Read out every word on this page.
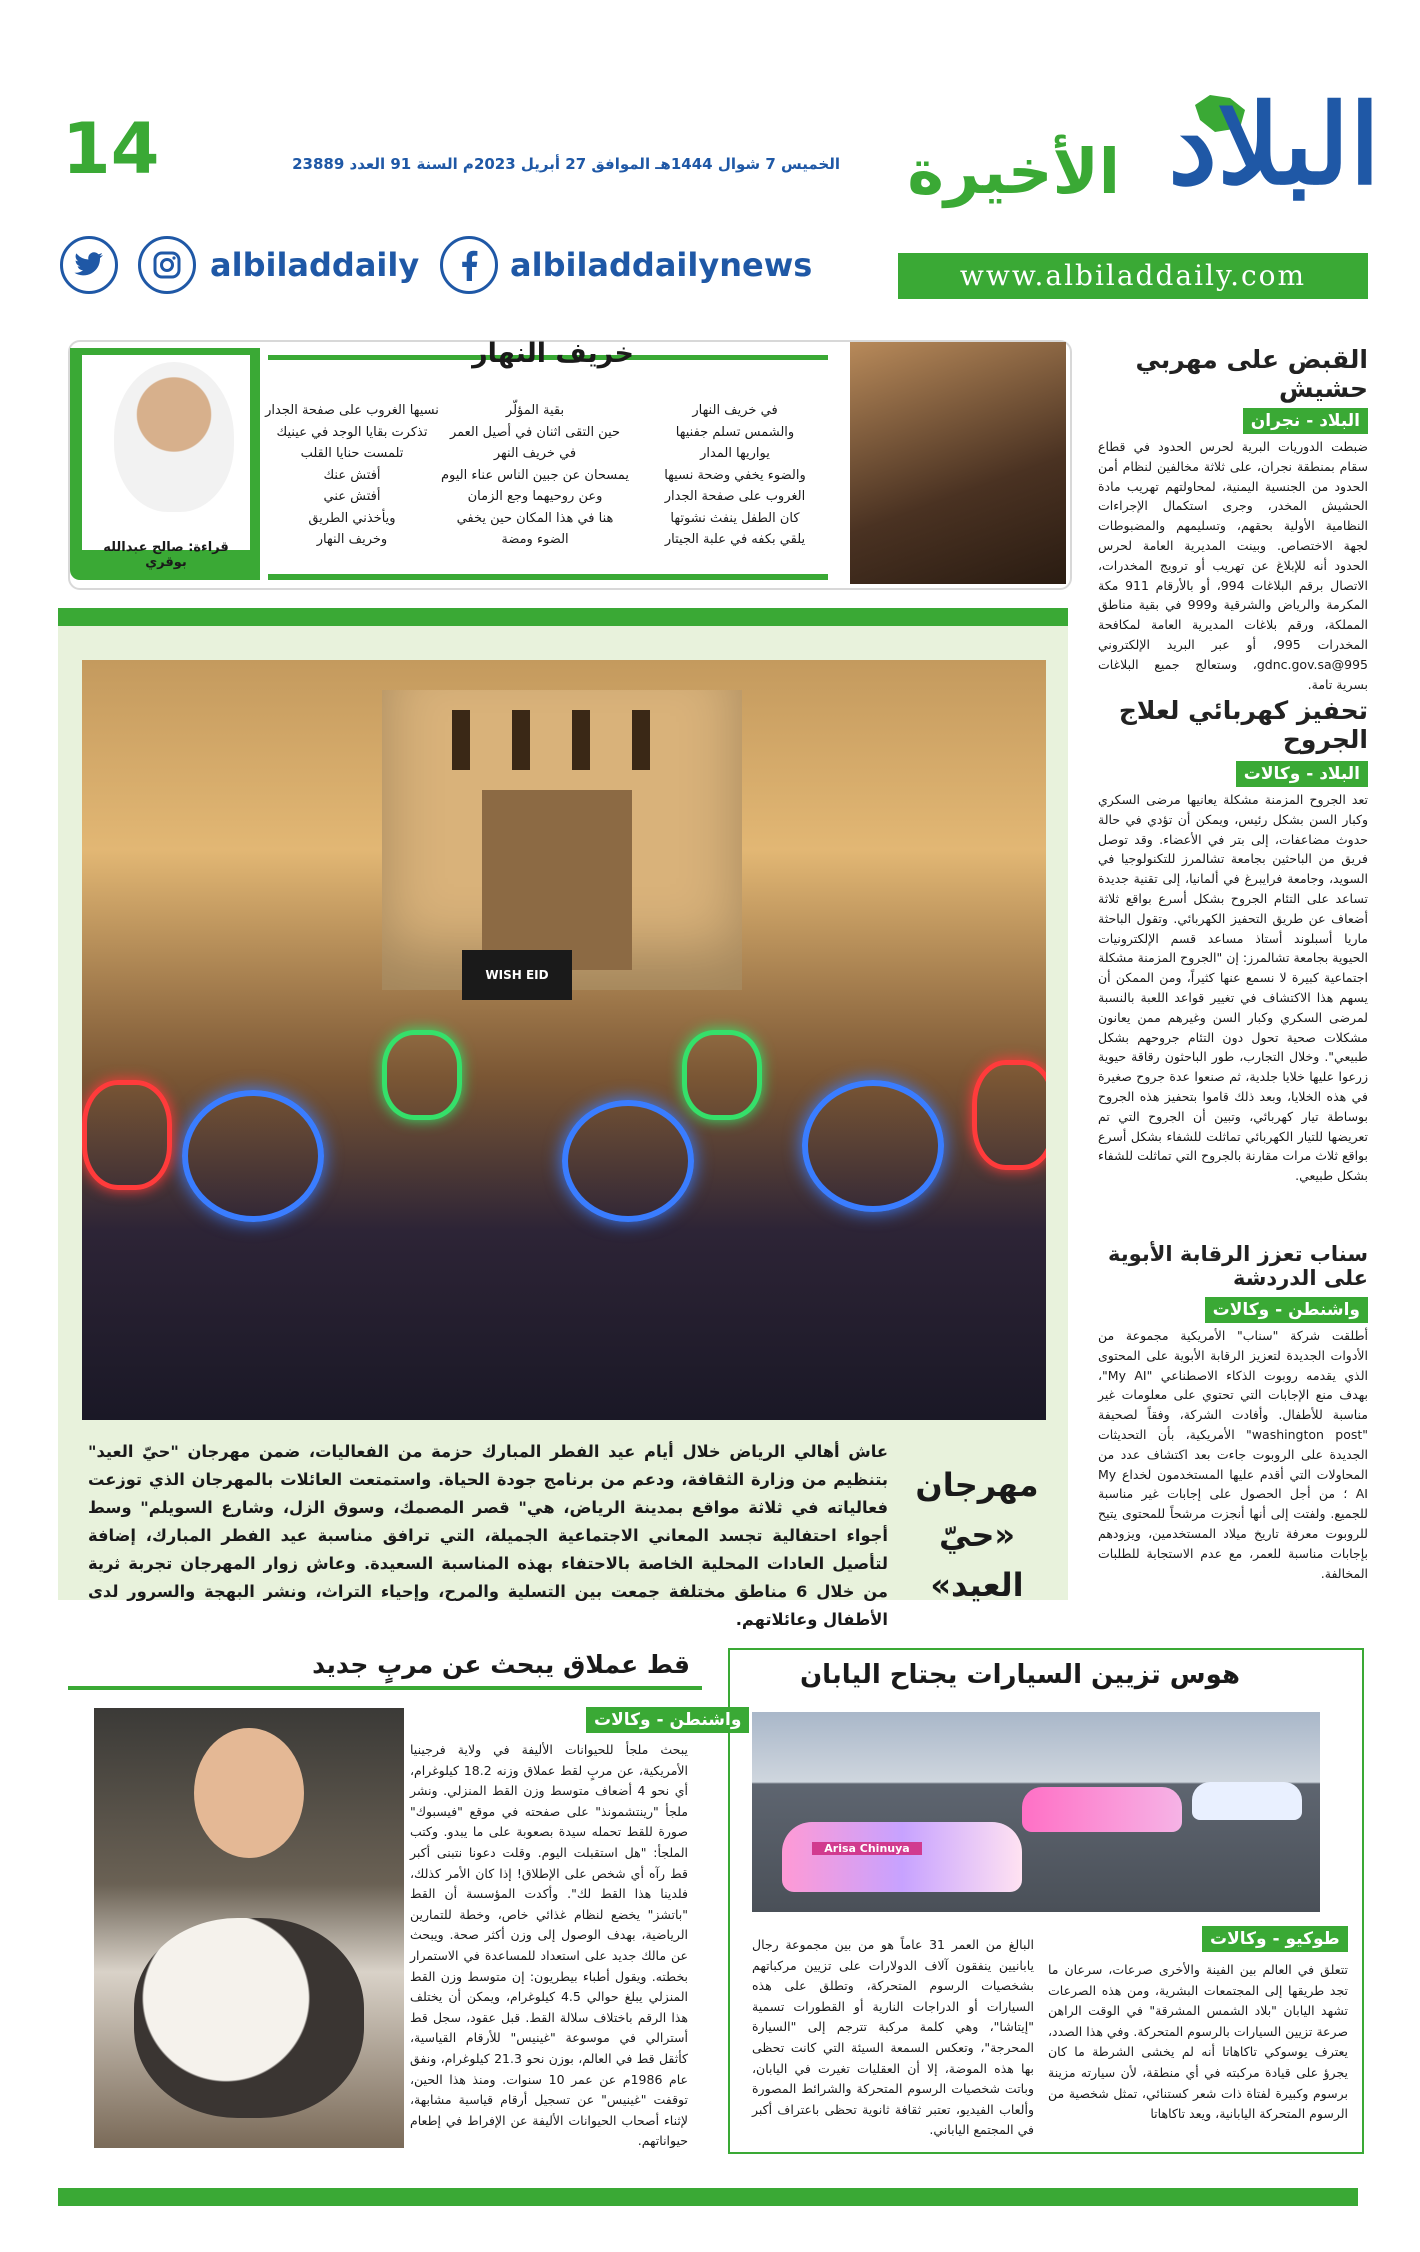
البلاد
الأخيرة
الخميس 7 شوال 1444هـ الموافق 27 أبريل 2023م السنة 91 العدد 23889
14
albiladdaily	albiladdailynews	www.albiladdaily.com
خريف النهار
قراءة: صالح عبدالله بوقري
في خريف النهار
والشمس تسلم جفنيها
يواريها المدار
والضوء يخفي وضحة نسيها
الغروب على صفحة الجدار
كان الطفل ينفث نشوتها
يلقي بكفه في علبة الجيتار
بقية المؤلّر
حين التقى اثنان في أصيل العمر
في خريف النهر
يمسحان عن جبين الناس عناء اليوم
وعن روحيهما وجع الزمان
هنا في هذا المكان حين يخفي
الضوء ومضة
نسيها الغروب على صفحة الجدار
تذكرت بقايا الوجد في عينيك
تلمست حنايا القلب
أفتش عنك
أفتش عني
ويأخذني الطريق
وخريف النهار
القبض على مهربي حشيش
البلاد - نجران
ضبطت الدوريات البرية لحرس الحدود في قطاع سقام بمنطقة نجران، على ثلاثة مخالفين لنظام أمن الحدود من الجنسية اليمنية، لمحاولتهم تهريب مادة الحشيش المخدر، وجرى استكمال الإجراءات النظامية الأولية بحقهم، وتسليمهم والمضبوطات لجهة الاختصاص. وبينت المديرية العامة لحرس الحدود أنه للإبلاغ عن تهريب أو ترويج المخدرات، الاتصال برقم البلاغات 994، أو بالأرقام 911 مكة المكرمة والرياض والشرقية و999 في بقية مناطق المملكة، ورقم بلاغات المديرية العامة لمكافحة المخدرات 995، أو عبر البريد الإلكتروني 995@gdnc.gov.sa، وستعالج جميع البلاغات بسرية تامة.
تحفيز كهربائي لعلاج الجروح
البلاد - وكالات
تعد الجروح المزمنة مشكلة يعانيها مرضى السكري وكبار السن بشكل رئيس، ويمكن أن تؤدي في حالة حدوث مضاعفات، إلى بتر في الأعضاء. وقد توصل فريق من الباحثين بجامعة تشالمرز للتكنولوجيا في السويد، وجامعة فرايبرغ في ألمانيا، إلى تقنية جديدة تساعد على التئام الجروح بشكل أسرع بواقع ثلاثة أضعاف عن طريق التحفيز الكهربائي. وتقول الباحثة ماريا أسبلوند أستاذ مساعد قسم الإلكترونيات الحيوية بجامعة تشالمرز: إن "الجروح المزمنة مشكلة اجتماعية كبيرة لا نسمع عنها كثيراً، ومن الممكن أن يسهم هذا الاكتشاف في تغيير قواعد اللعبة بالنسبة لمرضى السكري وكبار السن وغيرهم ممن يعانون مشكلات صحية تحول دون التئام جروحهم بشكل طبيعي". وخلال التجارب، طور الباحثون رقاقة حيوية زرعوا عليها خلايا جلدية، ثم صنعوا عدة جروح صغيرة في هذه الخلايا، وبعد ذلك قاموا بتحفيز هذه الجروح بوساطة تيار كهربائي، وتبين أن الجروح التي تم تعريضها للتيار الكهربائي تماثلت للشفاء بشكل أسرع بواقع ثلاث مرات مقارنة بالجروح التي تماثلت للشفاء بشكل طبيعي.
سناب تعزز الرقابة الأبوية على الدردشة
واشنطن - وكالات
أطلقت شركة "سناب" الأمريكية مجموعة من الأدوات الجديدة لتعزيز الرقابة الأبوية على المحتوى الذي يقدمه روبوت الذكاء الاصطناعي "My AI"، بهدف منع الإجابات التي تحتوي على معلومات غير مناسبة للأطفال. وأفادت الشركة، وفقاً لصحيفة "washington post" الأمريكية، بأن التحديثات الجديدة على الروبوت جاءت بعد اكتشاف عدد من المحاولات التي أقدم عليها المستخدمون لخداع My AI ؛ من أجل الحصول على إجابات غير مناسبة للجميع. ولفتت إلى أنها أنجزت مرشحاً للمحتوى يتيح للروبوت معرفة تاريخ ميلاد المستخدمين، ويزودهم بإجابات مناسبة للعمر، مع عدم الاستجابة للطلبات المخالفة.
WISH EID
مهرجان
«حيّ العيد»
عاش أهالي الرياض خلال أيام عيد الفطر المبارك حزمة من الفعاليات، ضمن مهرجان "حيّ العيد" بتنظيم من وزارة الثقافة، ودعم من برنامج جودة الحياة. واستمتعت العائلات بالمهرجان الذي توزعت فعالياته في ثلاثة مواقع بمدينة الرياض، هي" قصر المصمك، وسوق الزل، وشارع السويلم" وسط أجواء احتفالية تجسد المعاني الاجتماعية الجميلة، التي ترافق مناسبة عيد الفطر المبارك، إضافة لتأصيل العادات المحلية الخاصة بالاحتفاء بهذه المناسبة السعيدة. وعاش زوار المهرجان تجربة ثرية من خلال 6 مناطق مختلفة جمعت بين التسلية والمرح، وإحياء التراث، ونشر البهجة والسرور لدى الأطفال وعائلاتهم.
هوس تزيين السيارات يجتاح اليابان
Arisa Chinuya
طوكيو - وكالات
تتعلق في العالم بين الفينة والأخرى صرعات، سرعان ما تجد طريقها إلى المجتمعات البشرية، ومن هذه الصرعات تشهد اليابان "بلاد الشمس المشرقة" في الوقت الراهن صرعة تزيين السيارات بالرسوم المتحركة. وفي هذا الصدد، يعترف يوسوكي تاكاهاتا أنه لم يخشى الشرطة ما كان يجرؤ على قيادة مركبته في أي منطقة، لأن سيارته مزينة برسوم وكبيرة لفتاة ذات شعر كستنائي، تمثل شخصية من الرسوم المتحركة اليابانية، ويعد تاكاهاتا
البالغ من العمر 31 عاماً هو من بين مجموعة رجال يابانيين ينفقون آلاف الدولارات على تزيين مركباتهم بشخصيات الرسوم المتحركة، وتطلق على هذه السيارات أو الدراجات النارية أو القطورات تسمية "إيتاشا"، وهي كلمة مركبة تترجم إلى "السيارة المحرجة"، وتعكس السمعة السيئة التي كانت تحظى بها هذه الموضة، إلا أن العقليات تغيرت في اليابان، وباتت شخصيات الرسوم المتحركة والشرائط المصورة وألعاب الفيديو، تعتبر ثقافة ثانوية تحظى باعتراف أكبر في المجتمع الياباني.
قط عملاق يبحث عن مربٍ جديد
واشنطن - وكالات
يبحث ملجأ للحيوانات الأليفة في ولاية فرجينيا الأمريكية، عن مربٍ لقط عملاق وزنه 18.2 كيلوغرام، أي نحو 4 أضعاف متوسط وزن القط المنزلي. ونشر ملجأ "رينتشمونذ" على صفحته في موقع "فيسبوك" صورة للقط تحمله سيدة بصعوبة على ما يبدو. وكتب الملجأ: "هل استقبلت اليوم. وقلت دعونا نتبنى أكبر قط رآه أي شخص على الإطلاق! إذا كان الأمر كذلك، فلدينا هذا القط لك". وأكدت المؤسسة أن القط "باتشز" يخضع لنظام غذائي خاص، وخطة للتمارين الرياضية، بهدف الوصول إلى وزن أكثر صحة. ويبحث عن مالك جديد على استعداد للمساعدة في الاستمرار بخطته. ويقول أطباء بيطريون: إن متوسط وزن القط المنزلي يبلغ حوالي 4.5 كيلوغرام، ويمكن أن يختلف هذا الرقم باختلاف سلالة القط. قبل عقود، سجل قط أسترالي في موسوعة "غينيس" للأرقام القياسية، كأثقل قط في العالم، بوزن نحو 21.3 كيلوغرام، ونفق عام 1986م عن عمر 10 سنوات. ومنذ هذا الحين، توقفت "غينيس" عن تسجيل أرقام قياسية مشابهة، لإثناء أصحاب الحيوانات الأليفة عن الإفراط في إطعام حيواناتهم.
